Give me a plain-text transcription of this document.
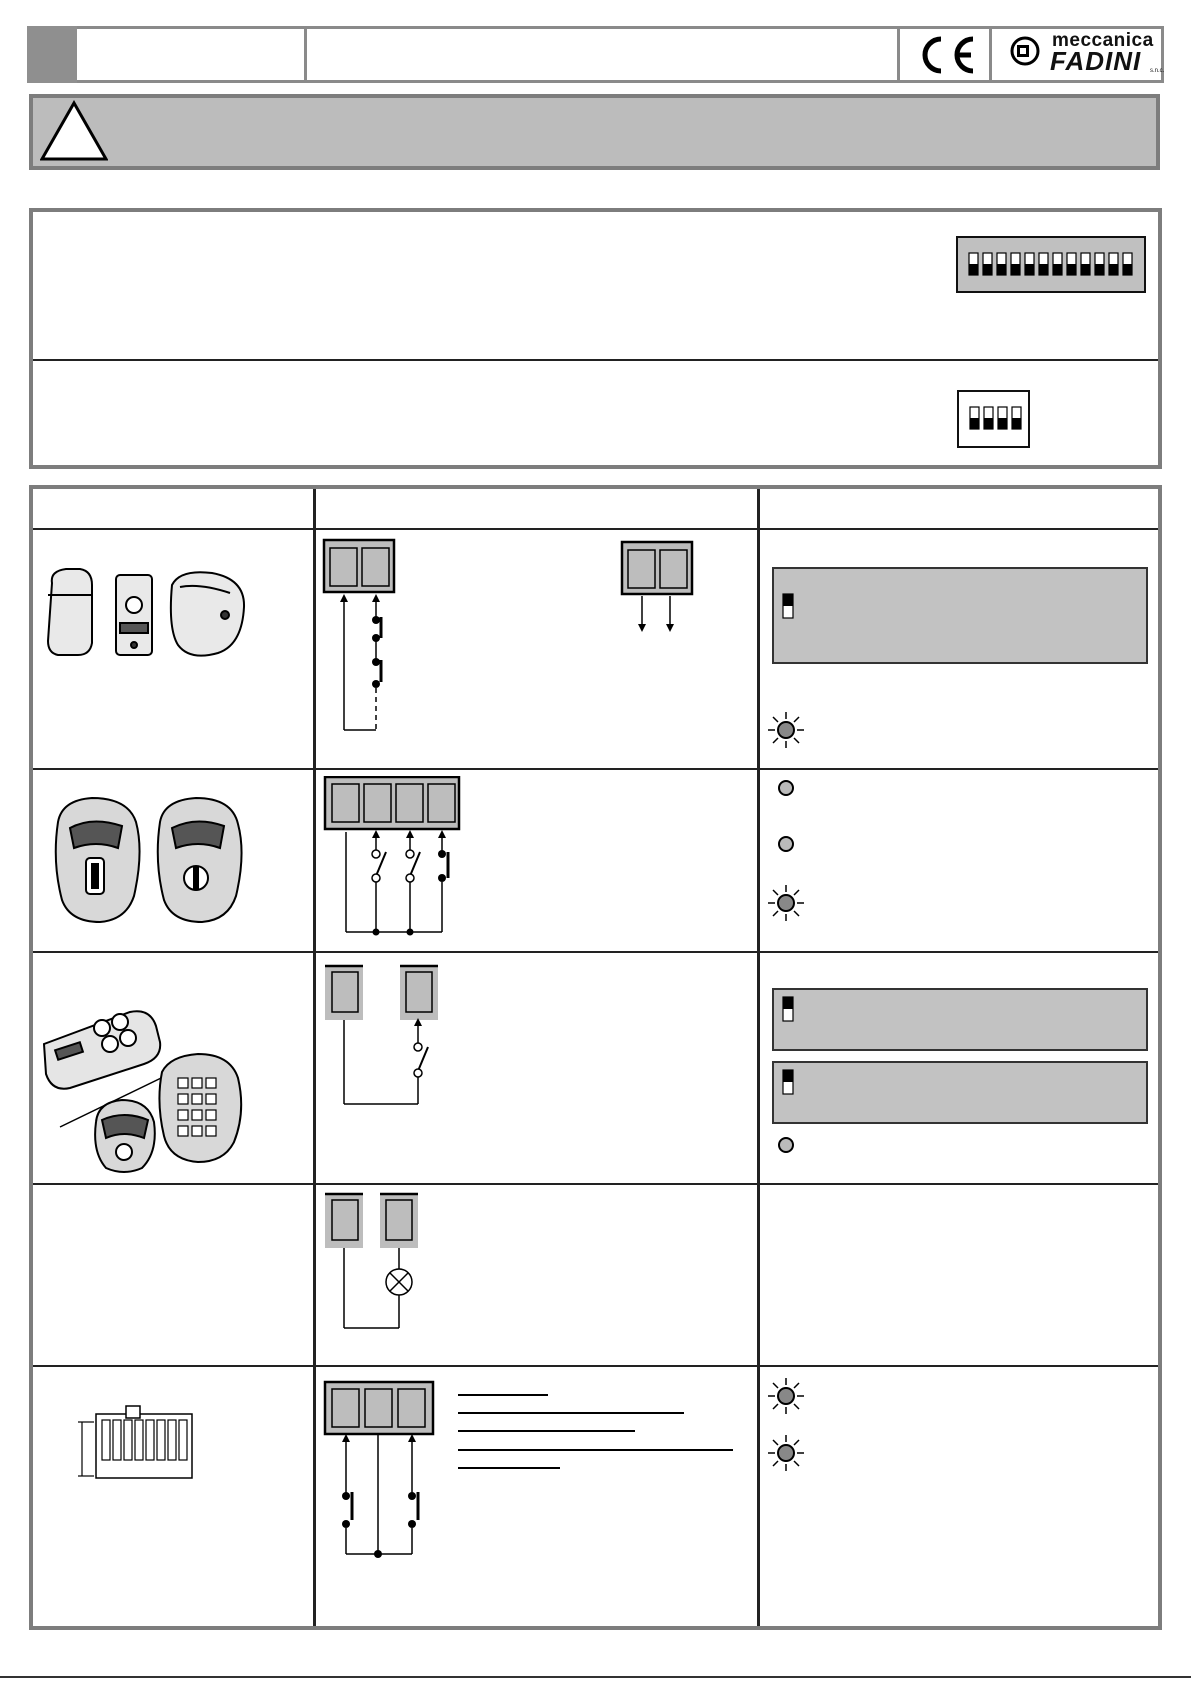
meccanica
FADINI s.n.c.
